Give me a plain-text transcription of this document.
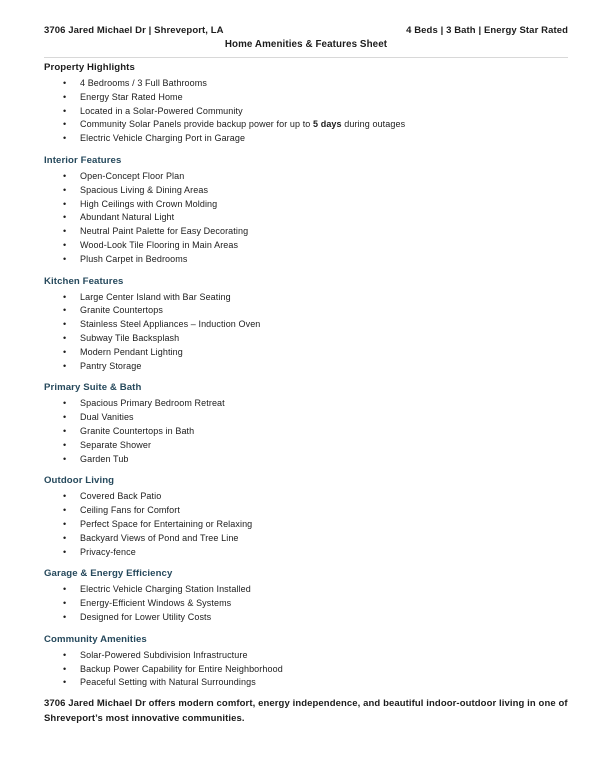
3706 Jared Michael Dr | Shreveport, LA	4 Beds | 3 Bath | Energy Star Rated
Home Amenities & Features Sheet
Property Highlights
• 4 Bedrooms / 3 Full Bathrooms
• Energy Star Rated Home
• Located in a Solar-Powered Community
• Community Solar Panels provide backup power for up to 5 days during outages
• Electric Vehicle Charging Port in Garage
Interior Features
• Open-Concept Floor Plan
• Spacious Living & Dining Areas
• High Ceilings with Crown Molding
• Abundant Natural Light
• Neutral Paint Palette for Easy Decorating
• Wood-Look Tile Flooring in Main Areas
• Plush Carpet in Bedrooms
Kitchen Features
• Large Center Island with Bar Seating
• Granite Countertops
• Stainless Steel Appliances – Induction Oven
• Subway Tile Backsplash
• Modern Pendant Lighting
• Pantry Storage
Primary Suite & Bath
• Spacious Primary Bedroom Retreat
• Dual Vanities
• Granite Countertops in Bath
• Separate Shower
• Garden Tub
Outdoor Living
• Covered Back Patio
• Ceiling Fans for Comfort
• Perfect Space for Entertaining or Relaxing
• Backyard Views of Pond and Tree Line
• Privacy-fence
Garage & Energy Efficiency
• Electric Vehicle Charging Station Installed
• Energy-Efficient Windows & Systems
• Designed for Lower Utility Costs
Community Amenities
• Solar-Powered Subdivision Infrastructure
• Backup Power Capability for Entire Neighborhood
• Peaceful Setting with Natural Surroundings

3706 Jared Michael Dr offers modern comfort, energy independence, and beautiful indoor-outdoor living in one of Shreveport’s most innovative communities.
